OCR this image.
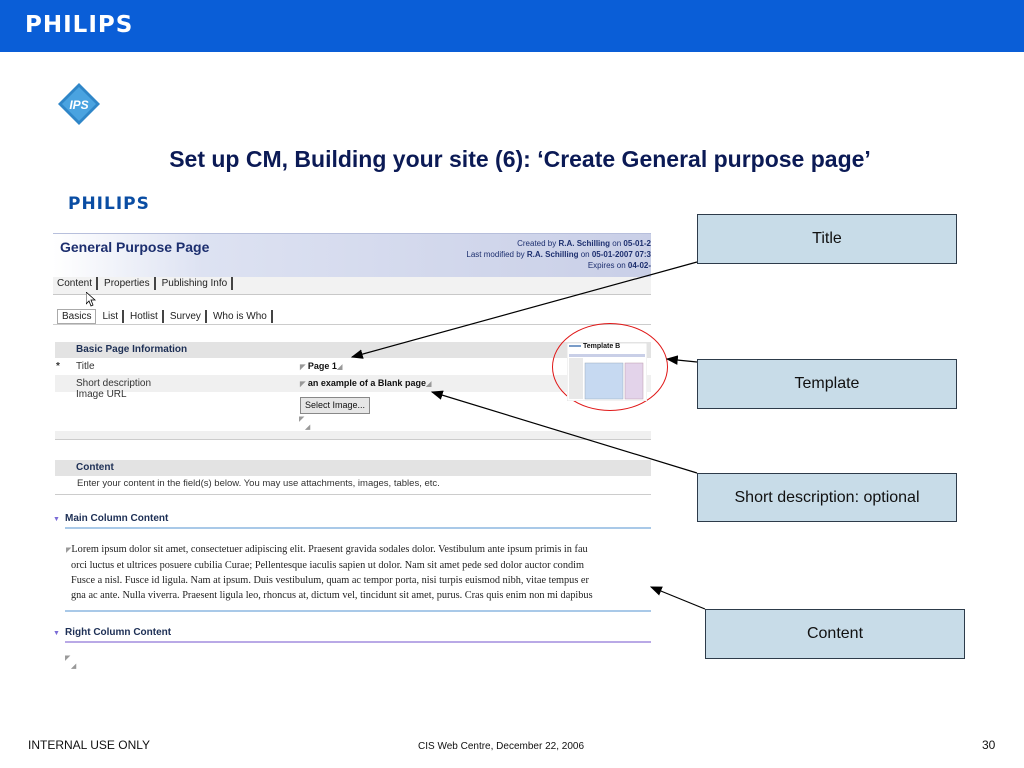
PHILIPS
IPS
Set up CM, Building your site (6): ‘Create General purpose page’
PHILIPS
General Purpose Page	Created by R.A. Schilling on 05-01-2
Last modified by R.A. Schilling on 05-01-2007 07:3
Expires on 04-02-
Content Properties Publishing Info
Basics List Hotlist Survey Who is Who
Basic Page Information
* Title	◤ Page 1◢
Short description	◤ an example of a Blank page◢
Image URL
Select Image...
◤
◢
Content
Enter your content in the field(s) below. You may use attachments, images, tables, etc.
▼ Main Column Content
◤Lorem ipsum dolor sit amet, consectetuer adipiscing elit. Praesent gravida sodales dolor. Vestibulum ante ipsum primis in fau
orci luctus et ultrices posuere cubilia Curae; Pellentesque iaculis sapien ut dolor. Nam sit amet pede sed dolor auctor condim
Fusce a nisl. Fusce id ligula. Nam at ipsum. Duis vestibulum, quam ac tempor porta, nisi turpis euismod nibh, vitae tempus er
gna ac ante. Nulla viverra. Praesent ligula leo, rhoncus at, dictum vel, tincidunt sit amet, purus. Cras quis enim non mi dapibus
▼ Right Column Content
◤
◢
Template B
Title
Template
Short description: optional
Content
INTERNAL USE ONLY	CIS Web Centre, December 22, 2006	30
